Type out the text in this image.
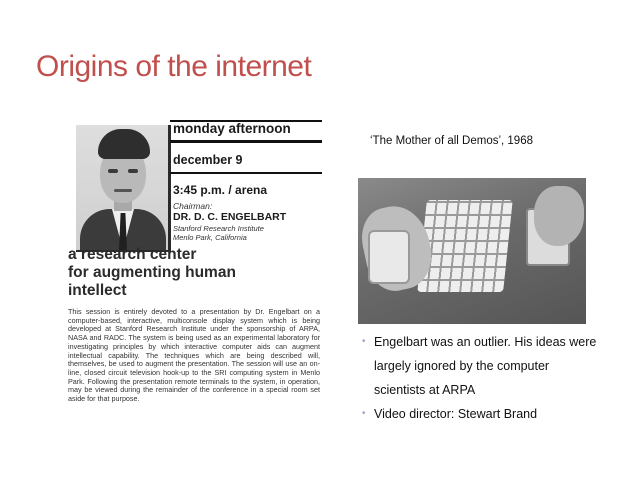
Origins of the internet

monday afternoon

december 9
3:45 p.m. / arena
Chairman:
DR. D. C. ENGELBART
Stanford Research Institute
Menlo Park, California
a research center
for augmenting human
intellect

This session is entirely devoted to a presentation by Dr. Engelbart on a computer-based, interactive, multiconsole display system which is being developed at Stanford Research Institute under the sponsorship of ARPA, NASA and RADC. The system is being used as an experimental laboratory for investigating principles by which interactive computer aids can augment intellectual capability. The techniques which are being described will, themselves, be used to augment the presentation. The session will use an on-line, closed circuit television hook-up to the SRI computing system in Menlo Park. Following the presentation remote terminals to the system, in operation, may be viewed during the remainder of the conference in a special room set aside for that purpose.

‘The Mother of all Demos’, 1968

• Engelbart was an outlier. His ideas were largely ignored by the computer scientists at ARPA
• Video director: Stewart Brand
